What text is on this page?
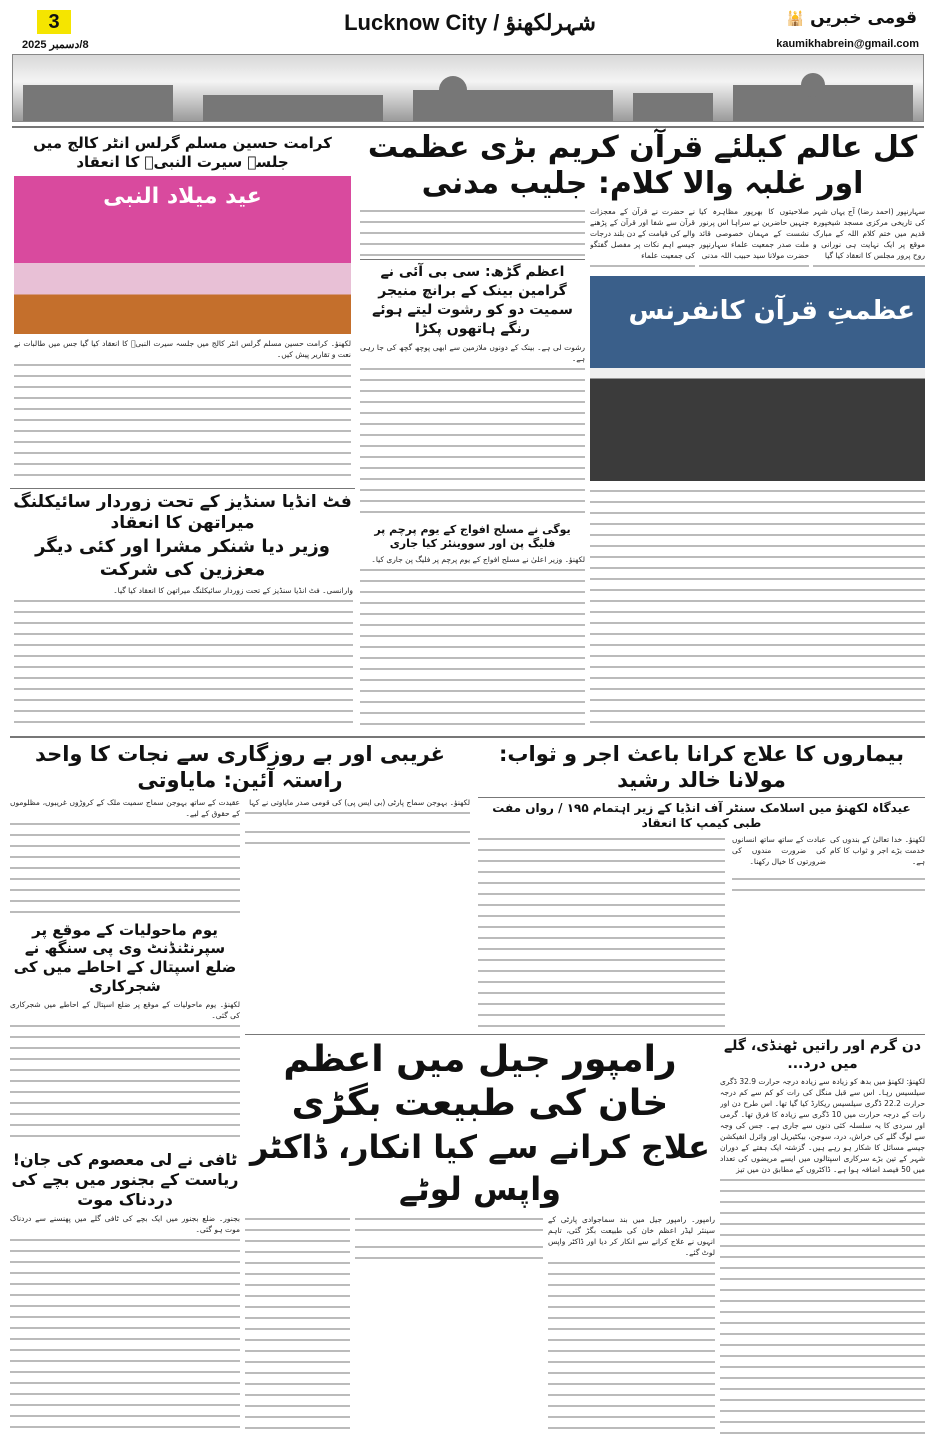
3
8/دسمبر 2025
Lucknow City / شہرلکھنؤ	قومی خبریں 🕌
kaumikhabrein@gmail.com
کل عالم کیلئے قرآن کریم بڑی عظمت اور غلبہ والا کلام: جلیب مدنی
سہارنپور (احمد رضا) آج یہاں شہر کی تاریخی مرکزی مسجد شیخپورہ قدیم میں ختم کلام اللہ کے مبارک موقع پر ایک نہایت ہی نورانی و روح پرور مجلس کا انعقاد کیا گیا
صلاحیتوں کا بھرپور مظاہرہ کیا جنہیں حاضرین نے سراہا اس پرنور نشست کے مہمان خصوصی قائد ملت صدر جمعیت علماء سہارنپور حضرت مولانا سید حبیب اللہ مدنی
نے حضرت نے قرآن کے معجزات قرآن سے شفا اور قرآن کے پڑھنے والے کی قیامت کے دن بلند درجات جیسے اہم نکات پر مفصل گفتگو کی جمعیت علماء
عظمتِ قرآن کانفرنس
اعظم گڑھ: سی بی آئی نے گرامین بینک کے برانچ منیجر سمیت دو کو رشوت لیتے ہوئے رنگے ہاتھوں پکڑا
رشوت لی ہے۔ بینک کے دونوں ملازمین سے ابھی پوچھ گچھ کی جا رہی ہے۔
یوگی نے مسلح افواج کے یوم پرچم پر فلیگ پن اور سووینئر کیا جاری
لکھنؤ۔ وزیر اعلیٰ نے مسلح افواج کے یوم پرچم پر فلیگ پن جاری کیا۔
کرامت حسین مسلم گرلس انٹر کالج میں جلسہ سیرت النبیؐ کا انعقاد
عید میلاد النبی
لکھنؤ۔ کرامت حسین مسلم گرلس انٹر کالج میں جلسہ سیرت النبیؐ کا انعقاد کیا گیا جس میں طالبات نے نعت و تقاریر پیش کیں۔
فٹ انڈیا سنڈیز کے تحت زوردار سائیکلنگ میراتھن کا انعقاد
وزیر دیا شنکر مشرا اور کئی دیگر معززین کی شرکت
وارانسی۔ فٹ انڈیا سنڈیز کے تحت زوردار سائیکلنگ میراتھن کا انعقاد کیا گیا۔
بیماروں کا علاج کرانا باعث اجر و ثواب: مولانا خالد رشید
عیدگاہ لکھنؤ میں اسلامک سنٹر آف انڈیا کے زیر اہتمام ۱۹۵ / رواں مفت طبی کیمپ کا انعقاد
لکھنؤ۔ خدا تعالیٰ کے بندوں کی خدمت بڑے اجر و ثواب کا کام ہے۔
عبادت کے ساتھ ساتھ انسانوں کی ضرورت مندوں کی ضرورتوں کا خیال رکھنا۔
غریبی اور بے روزگاری سے نجات کا واحد راستہ آئین: مایاوتی
لکھنؤ۔ بہوجن سماج پارٹی (بی ایس پی) کی قومی صدر مایاوتی نے کہا
عقیدت کے ساتھ بہوجن سماج سمیت ملک کے کروڑوں غریبوں، مظلوموں کے حقوق کے لیے۔
یوم ماحولیات کے موقع پر سپرنٹنڈنٹ وی پی سنگھ نے ضلع اسپتال کے احاطے میں کی شجرکاری
لکھنؤ۔ یوم ماحولیات کے موقع پر ضلع اسپتال کے احاطے میں شجرکاری کی گئی۔
ٹافی نے لی معصوم کی جان! ریاست کے بجنور میں بچے کی دردناک موت
بجنور۔ ضلع بجنور میں ایک بچے کی ٹافی گلے میں پھنسنے سے دردناک موت ہو گئی۔
دن گرم اور راتیں ٹھنڈی، گلے میں درد...
لکھنؤ: لکھنؤ میں بدھ کو زیادہ سے زیادہ درجہ حرارت 32.9 ڈگری سیلسیس رہا۔ اس سے قبل منگل کی رات کو کم سے کم درجہ حرارت 22.2 ڈگری سیلسیس ریکارڈ کیا گیا تھا۔ اس طرح دن اور رات کے درجہ حرارت میں 10 ڈگری سے زیادہ کا فرق تھا۔ گرمی اور سردی کا یہ سلسلہ کئی دنوں سے جاری ہے۔ جس کی وجہ سے لوگ گلے کی خراش، درد، سوجن، بیکٹیریل اور وائرل انفیکشن جیسے مسائل کا شکار ہو رہے ہیں۔ گزشتہ ایک ہفتے کے دوران شہر کے تین بڑے سرکاری اسپتالوں میں ایسے مریضوں کی تعداد میں 50 فیصد اضافہ ہوا ہے۔ ڈاکٹروں کے مطابق دن میں تیز
رامپور جیل میں اعظم خان کی طبیعت بگڑی
علاج کرانے سے کیا انکار، ڈاکٹر واپس لوٹے
رامپور۔ رامپور جیل میں بند سماجوادی پارٹی کے سینئر لیڈر اعظم خان کی طبیعت بگڑ گئی، تاہم انہوں نے علاج کرانے سے انکار کر دیا اور ڈاکٹر واپس لوٹ گئے۔
